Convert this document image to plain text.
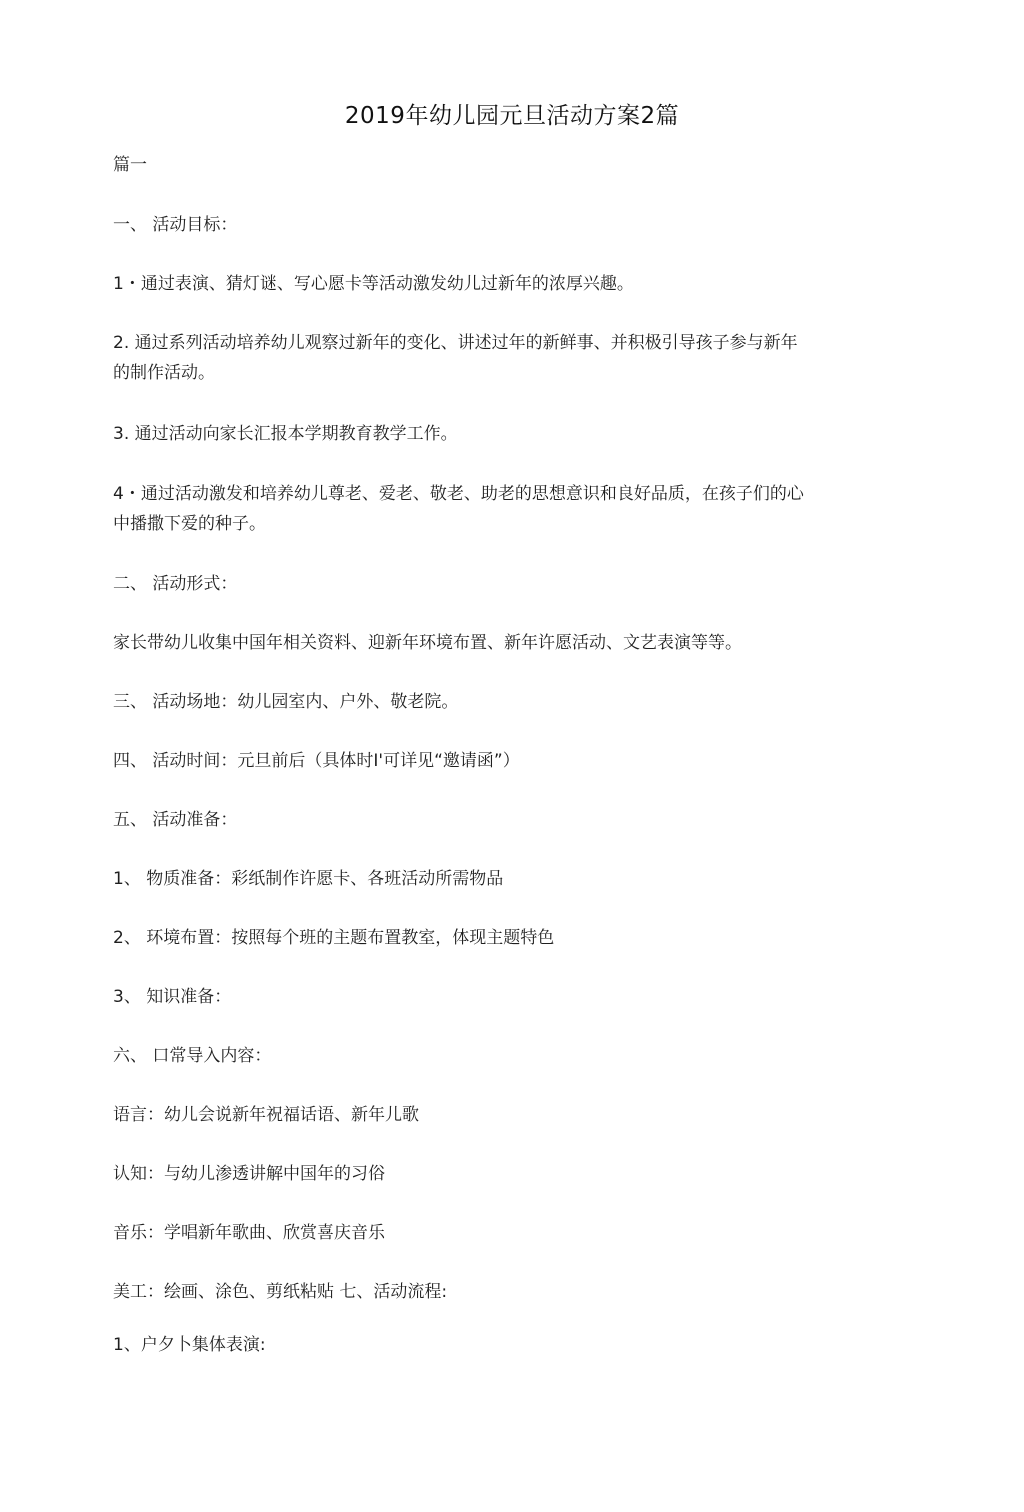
2019年幼儿园元旦活动方案2篇
篇一
一、 活动目标：
1・通过表演、猜灯谜、写心愿卡等活动激发幼儿过新年的浓厚兴趣。
2. 通过系列活动培养幼儿观察过新年的变化、讲述过年的新鲜事、并积极引导孩子参与新年
的制作活动。
3. 通过活动向家长汇报本学期教育教学工作。
4・通过活动激发和培养幼儿尊老、爱老、敬老、助老的思想意识和良好品质，在孩子们的心
中播撒下爱的种子。
二、 活动形式：
家长带幼儿收集中国年相关资料、迎新年环境布置、新年许愿活动、文艺表演等等。
三、 活动场地：幼儿园室内、户外、敬老院。
四、 活动时间：元旦前后（具体时I'可详见“邀请函”）
五、 活动准备：
1、 物质准备：彩纸制作许愿卡、各班活动所需物品
2、 环境布置：按照每个班的主题布置教室，体现主题特色
3、 知识准备：
六、 口常导入内容：
语言：幼儿会说新年祝福话语、新年儿歌
认知：与幼儿渗透讲解中国年的习俗
音乐：学唱新年歌曲、欣赏喜庆音乐
美工：绘画、涂色、剪纸粘贴 七、活动流程:
1、户夕卜集体表演:
